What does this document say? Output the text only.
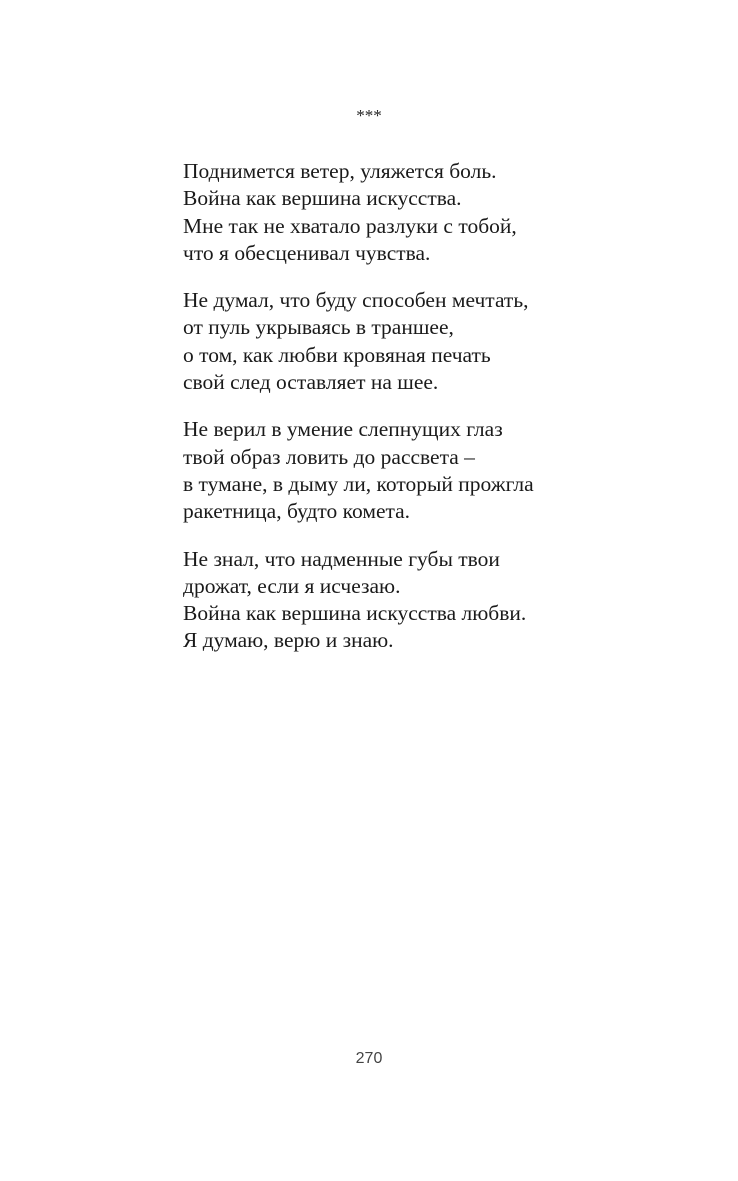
***
Поднимется ветер, уляжется боль.
Война как вершина искусства.
Мне так не хватало разлуки с тобой,
что я обесценивал чувства.
Не думал, что буду способен мечтать,
от пуль укрываясь в траншее,
о том, как любви кровяная печать
свой след оставляет на шее.
Не верил в умение слепнущих глаз
твой образ ловить до рассвета –
в тумане, в дыму ли, который прожгла
ракетница, будто комета.
Не знал, что надменные губы твои
дрожат, если я исчезаю.
Война как вершина искусства любви.
Я думаю, верю и знаю.
270
